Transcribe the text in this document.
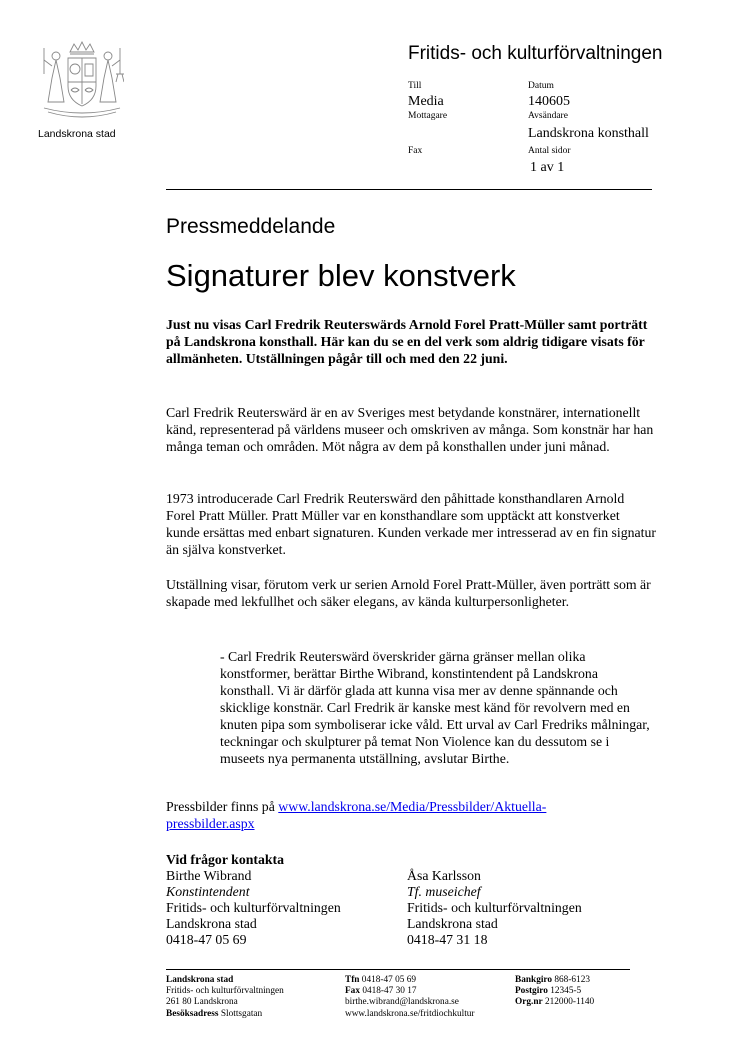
Landskrona stad
Fritids- och kulturförvaltningen
Till
Media
Mottagare
Fax
Datum
140605
Avsändare
Landskrona konsthall
Antal sidor
1 av 1
Pressmeddelande
Signaturer blev konstverk
Just nu visas Carl Fredrik Reuterswärds Arnold Forel Pratt-Müller samt porträtt på Landskrona konsthall. Här kan du se en del verk som aldrig tidigare visats för allmänheten. Utställningen pågår till och med den 22 juni.
Carl Fredrik Reuterswärd är en av Sveriges mest betydande konstnärer, internationellt känd, representerad på världens museer och omskriven av många. Som konstnär har han många teman och områden. Möt några av dem på konsthallen under juni månad.
1973 introducerade Carl Fredrik Reuterswärd den påhittade konsthandlaren Arnold Forel Pratt Müller. Pratt Müller var en konsthandlare som upptäckt att konstverket kunde ersättas med enbart signaturen. Kunden verkade mer intresserad av en fin signatur än själva konstverket.
Utställning visar, förutom verk ur serien Arnold Forel Pratt-Müller, även porträtt som är skapade med lekfullhet och säker elegans, av kända kulturpersonligheter.
- Carl Fredrik Reuterswärd överskrider gärna gränser mellan olika konstformer, berättar Birthe Wibrand, konstintendent på Landskrona konsthall. Vi är därför glada att kunna visa mer av denne spännande och skicklige konstnär. Carl Fredrik är kanske mest känd för revolvern med en knuten pipa som symboliserar icke våld. Ett urval av Carl Fredriks målningar, teckningar och skulpturer på temat Non Violence kan du dessutom se i museets nya permanenta utställning, avslutar Birthe.
Pressbilder finns på www.landskrona.se/Media/Pressbilder/Aktuella-
pressbilder.aspx
Vid frågor kontakta
Birthe Wibrand
Konstintendent
Fritids- och kulturförvaltningen
Landskrona stad
0418-47 05 69
Åsa Karlsson
Tf. museichef
Fritids- och kulturförvaltningen
Landskrona stad
0418-47 31 18
Landskrona stad
Fritids- och kulturförvaltningen
261 80 Landskrona
Besöksadress Slottsgatan
Tfn 0418-47 05 69
Fax 0418-47 30 17
birthe.wibrand@landskrona.se
www.landskrona.se/fritdiochkultur
Bankgiro 868-6123
Postgiro 12345-5
Org.nr 212000-1140
